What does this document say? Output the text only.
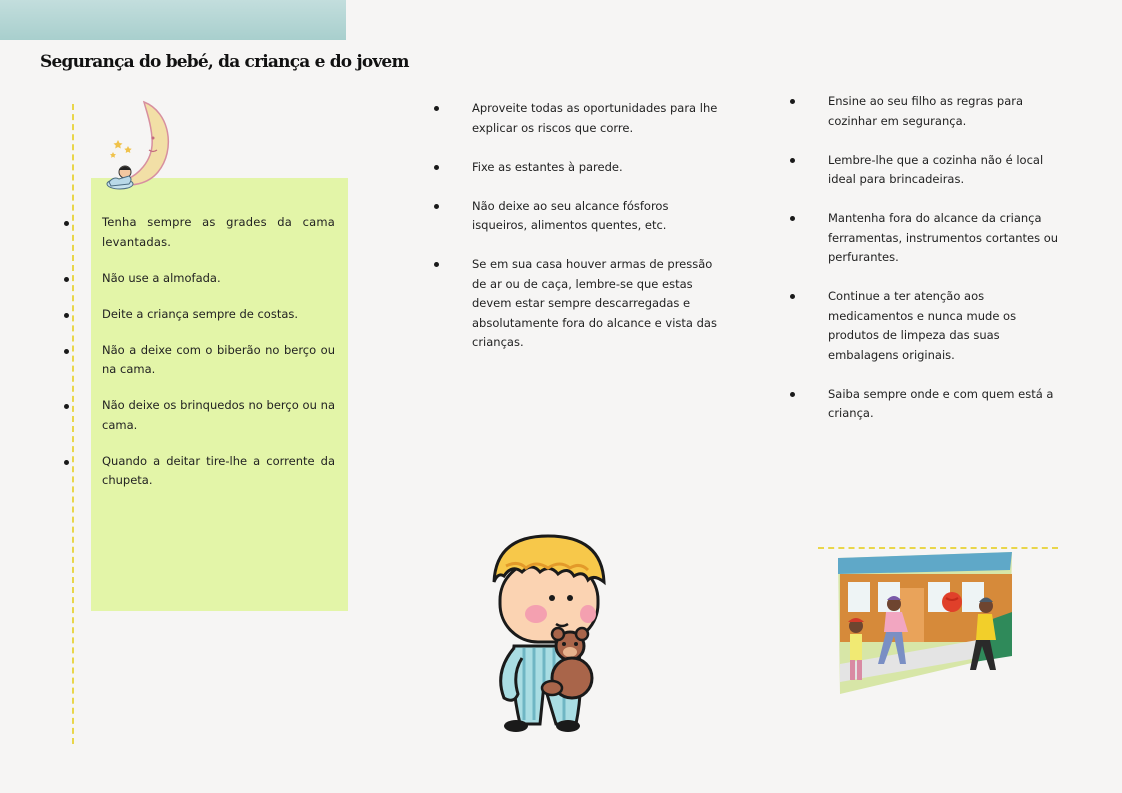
Segurança do bebé, da criança e do jovem
Tenha sempre as grades da cama levantadas.
Não use a almofada.
Deite a criança sempre de costas.
Não a deixe com o biberão no berço ou na cama.
Não deixe os brinquedos no berço ou na cama.
Quando a deitar tire-lhe a corrente da chupeta.
Aproveite todas as oportunidades para lhe explicar os riscos que corre.
Fixe as estantes à parede.
Não deixe ao seu alcance fósforos isqueiros, alimentos quentes, etc.
Se em sua casa houver armas de pressão de ar ou de caça, lembre-se que estas devem estar sempre descarregadas e absolutamente fora do alcance e vista das crianças.
Ensine ao seu filho as regras para cozinhar em segurança.
Lembre-lhe que a cozinha não é local ideal para brincadeiras.
Mantenha fora do alcance da criança ferramentas, instrumentos cortantes ou perfurantes.
Continue a ter atenção aos medicamentos e nunca mude os produtos de limpeza das suas embalagens originais.
Saiba sempre onde e com quem está a criança.
